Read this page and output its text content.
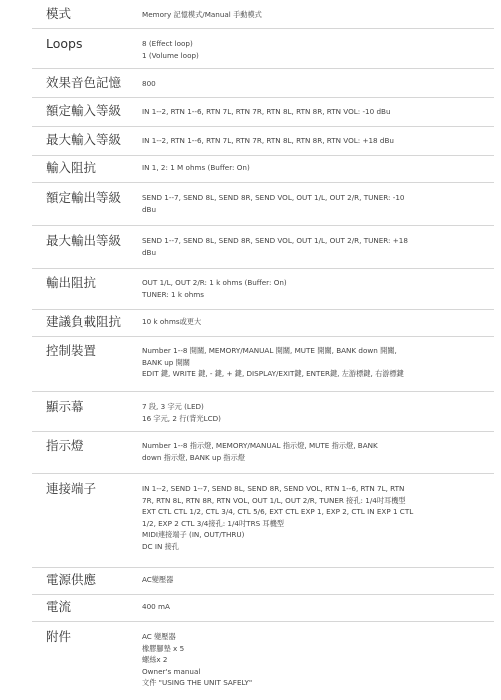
模式	Memory 記憶模式/Manual 手動模式
Loops	8 (Effect loop)
1 (Volume loop)
效果音色記憶	800
額定輸入等級	IN 1--2, RTN 1--6, RTN 7L, RTN 7R, RTN 8L, RTN 8R, RTN VOL: -10 dBu
最大輸入等級	IN 1--2, RTN 1--6, RTN 7L, RTN 7R, RTN 8L, RTN 8R, RTN VOL: +18 dBu
輸入阻抗	IN 1, 2: 1 M ohms (Buffer: On)
額定輸出等級	SEND 1--7, SEND 8L, SEND 8R, SEND VOL, OUT 1/L, OUT 2/R, TUNER: -10
dBu
最大輸出等級	SEND 1--7, SEND 8L, SEND 8R, SEND VOL, OUT 1/L, OUT 2/R, TUNER: +18
dBu
輸出阻抗	OUT 1/L, OUT 2/R: 1 k ohms (Buffer: On)
TUNER: 1 k ohms
建議負載阻抗	10 k ohms或更大
控制裝置	Number 1--8 開關, MEMORY/MANUAL 開關, MUTE 開關, BANK down 開關,
BANK up 開關
EDIT 鍵, WRITE 鍵, - 鍵, + 鍵, DISPLAY/EXIT鍵, ENTER鍵, 左游標鍵, 右游標鍵
顯示幕	7 段, 3 字元 (LED)
16 字元, 2 行(背光LCD)
指示燈	Number 1--8 指示燈, MEMORY/MANUAL 指示燈, MUTE 指示燈, BANK
down 指示燈, BANK up 指示燈
連接端子	IN 1--2, SEND 1--7, SEND 8L, SEND 8R, SEND VOL, RTN 1--6, RTN 7L, RTN
7R, RTN 8L, RTN 8R, RTN VOL, OUT 1/L, OUT 2/R, TUNER 接孔: 1/4吋耳機型
EXT CTL CTL 1/2, CTL 3/4, CTL 5/6, EXT CTL EXP 1, EXP 2, CTL IN EXP 1 CTL
1/2, EXP 2 CTL 3/4接孔: 1/4吋TRS 耳機型
MIDI連接端子 (IN, OUT/THRU)
DC IN 接孔
電源供應	AC變壓器
電流	400 mA
附件	AC 變壓器
橡膠腳墊 x 5
螺絲x 2
Owner's manual
文件 "USING THE UNIT SAFELY"
